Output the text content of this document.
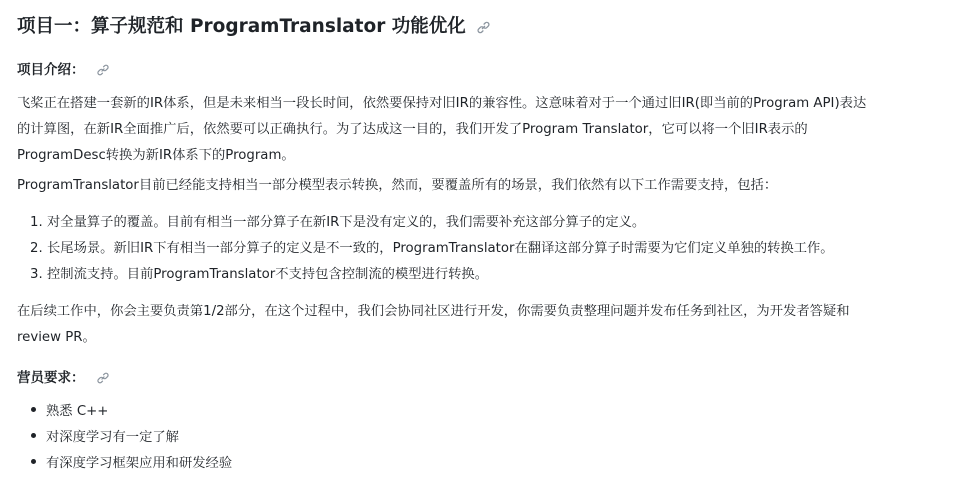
项目一：算子规范和 ProgramTranslator 功能优化
项目介绍：

飞桨正在搭建一套新的IR体系，但是未来相当一段长时间，依然要保持对旧IR的兼容性。这意味着对于一个通过旧IR(即当前的Program API)表达
的计算图，在新IR全面推广后，依然要可以正确执行。为了达成这一目的，我们开发了Program Translator，它可以将一个旧IR表示的
ProgramDesc转换为新IR体系下的Program。

ProgramTranslator目前已经能支持相当一部分模型表示转换，然而，要覆盖所有的场景，我们依然有以下工作需要支持，包括：

1. 对全量算子的覆盖。目前有相当一部分算子在新IR下是没有定义的，我们需要补充这部分算子的定义。
2. 长尾场景。新旧IR下有相当一部分算子的定义是不一致的，ProgramTranslator在翻译这部分算子时需要为它们定义单独的转换工作。
3. 控制流支持。目前ProgramTranslator不支持包含控制流的模型进行转换。

在后续工作中，你会主要负责第1/2部分，在这个过程中，我们会协同社区进行开发，你需要负责整理问题并发布任务到社区，为开发者答疑和
review PR。

营员要求：
熟悉 C++
对深度学习有一定了解
有深度学习框架应用和研发经验
